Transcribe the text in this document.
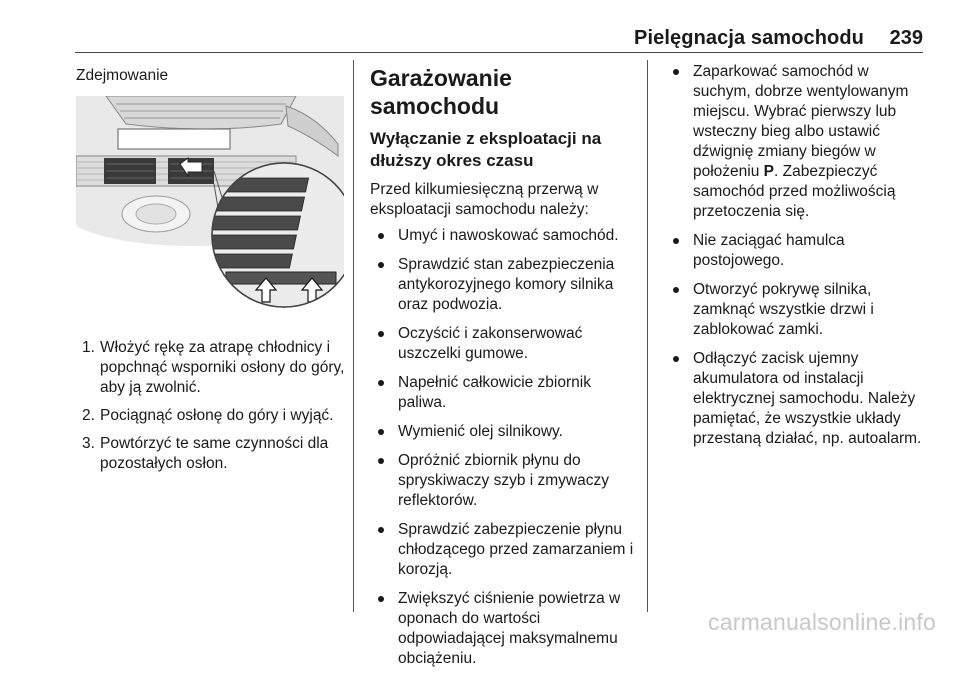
Pielęgnacja samochodu 239
Zdejmowanie
1. Włożyć rękę za atrapę chłodnicy i popchnąć wsporniki osłony do góry, aby ją zwolnić.
2. Pociągnąć osłonę do góry i wyjąć.
3. Powtórzyć te same czynności dla pozostałych osłon.
Garażowanie samochodu
Wyłączanie z eksploatacji na dłuższy okres czasu
Przed kilkumiesięczną przerwą w eksploatacji samochodu należy:
Umyć i nawoskować samochód.
Sprawdzić stan zabezpieczenia antykorozyjnego komory silnika oraz podwozia.
Oczyścić i zakonserwować uszczelki gumowe.
Napełnić całkowicie zbiornik paliwa.
Wymienić olej silnikowy.
Opróżnić zbiornik płynu do spryskiwaczy szyb i zmywaczy reflektorów.
Sprawdzić zabezpieczenie płynu chłodzącego przed zamarzaniem i korozją.
Zwiększyć ciśnienie powietrza w oponach do wartości odpowiadającej maksymalnemu obciążeniu.
Zaparkować samochód w suchym, dobrze wentylowanym miejscu. Wybrać pierwszy lub wsteczny bieg albo ustawić dźwignię zmiany biegów w położeniu P. Zabezpieczyć samochód przed możliwością przetoczenia się.
Nie zaciągać hamulca postojowego.
Otworzyć pokrywę silnika, zamknąć wszystkie drzwi i zablokować zamki.
Odłączyć zacisk ujemny akumulatora od instalacji elektrycznej samochodu. Należy pamiętać, że wszystkie układy przestaną działać, np. autoalarm.
carmanualsonline.info
